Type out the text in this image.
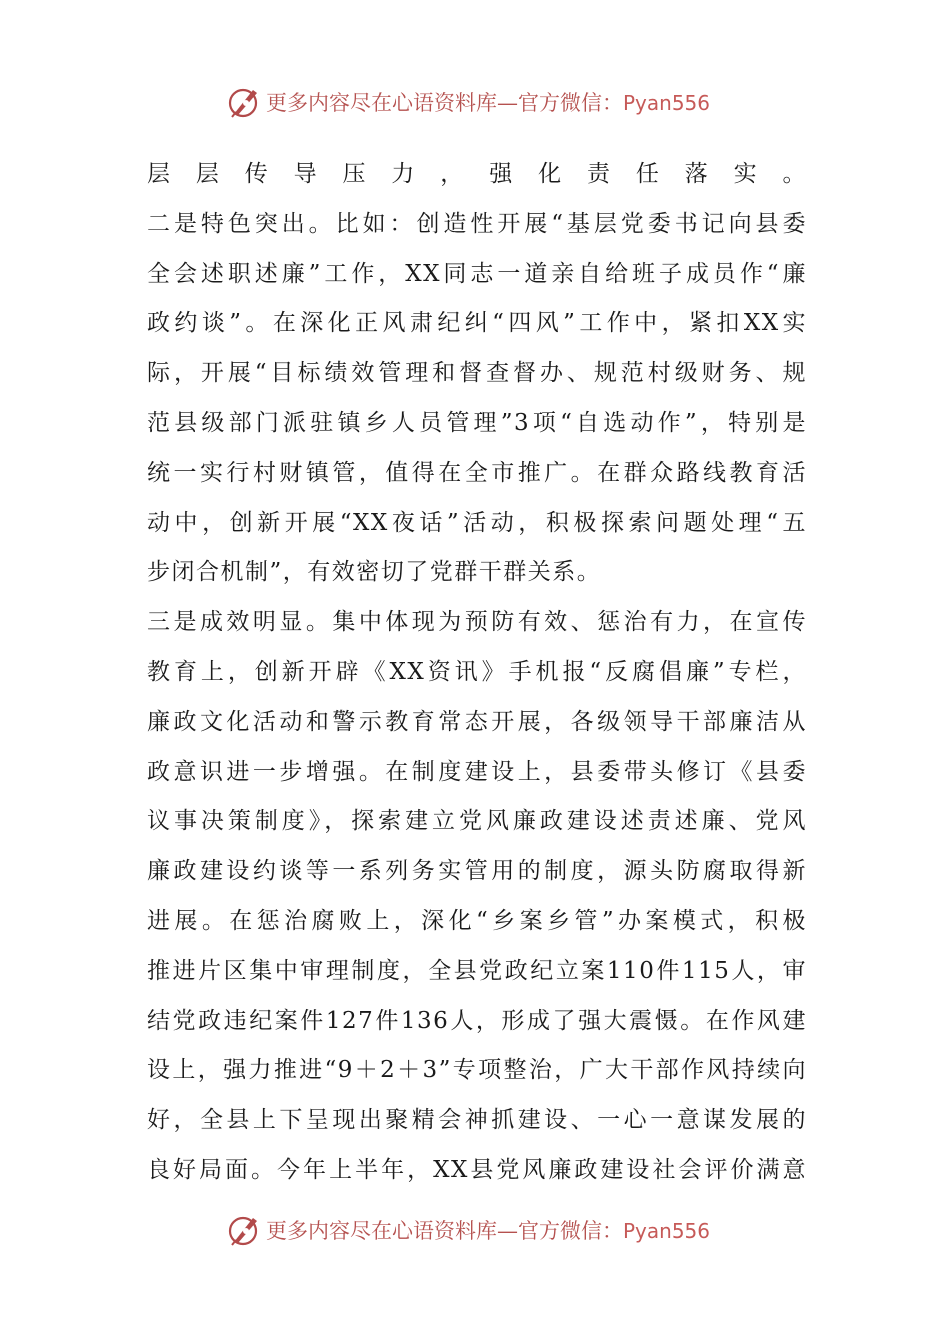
更多内容尽在心语资料库—官方微信：Pyan556
层层传导压力，强化责任落实。
二是特色突出。比如：创造性开展“基层党委书记向县委
全会述职述廉”工作，XX同志一道亲自给班子成员作“廉
政约谈”。在深化正风肃纪纠“四风”工作中，紧扣XX实
际，开展“目标绩效管理和督查督办、规范村级财务、规
范县级部门派驻镇乡人员管理”3项“自选动作”，特别是
统一实行村财镇管，值得在全市推广。在群众路线教育活
动中，创新开展“XX夜话”活动，积极探索问题处理“五
步闭合机制”，有效密切了党群干群关系。
三是成效明显。集中体现为预防有效、惩治有力，在宣传
教育上，创新开辟《XX资讯》手机报“反腐倡廉”专栏，
廉政文化活动和警示教育常态开展，各级领导干部廉洁从
政意识进一步增强。在制度建设上，县委带头修订《县委
议事决策制度》，探索建立党风廉政建设述责述廉、党风
廉政建设约谈等一系列务实管用的制度，源头防腐取得新
进展。在惩治腐败上，深化“乡案乡管”办案模式，积极
推进片区集中审理制度，全县党政纪立案110件115人，审
结党政违纪案件127件136人，形成了强大震慑。在作风建
设上，强力推进“9＋2＋3”专项整治，广大干部作风持续向
好，全县上下呈现出聚精会神抓建设、一心一意谋发展的
良好局面。今年上半年，XX县党风廉政建设社会评价满意
更多内容尽在心语资料库—官方微信：Pyan556
